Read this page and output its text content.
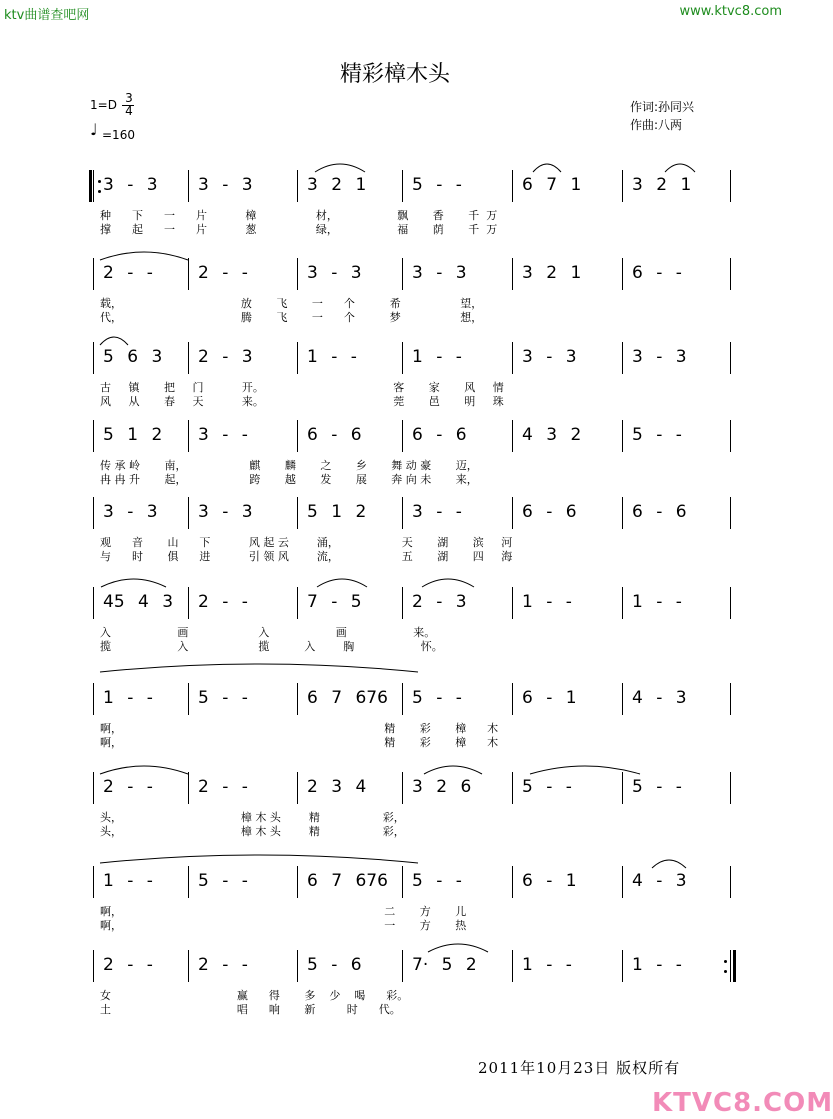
ktv曲谱查吧网	www.ktvc8.com
精彩樟木头
1=D 3
4
♩ =160
作词:孙同兴
作曲:八两
3 - 3	3 - 3	3 2 1	5 - -	6 7 1	3 2 1
种      下      一      片           樟                 材，                 飘       香       千  万
撑      起      一      片           葱                 绿，                 福       荫       千  万
2 - -	2 - -	3 - 3	3 - 3	3 2 1	6 - -
载，                                  放       飞       一      个          希                 望，
代，                                  腾       飞       一      个          梦                 想，
5 6 3	2 - 3	1 - -	1 - -	3 - 3	3 - 3
古     镇       把     门           开。                                     客       家       风     情
风     从       春     天           来。                                     莞       邑       明     珠
5 1 2	3 - -	6 - 6	6 - 6	4 3 2	5 - -
传 承 岭       南，                  麒       麟       之       乡       舞 动 豪       迈，
冉 冉 升       起，                  跨       越       发       展       奔 向 未       来，
3 - 3	3 - 3	5 1 2	3 - -	6 - 6	6 - 6
观      音       山      下           风 起 云        涌，                  天       湖       滨     河
与      时       俱      进           引 领 风        流，                  五       湖       四     海
45 4 3	2 - -	7 - 5	2 - 3	1 - -	1 - -
入                   画                    入                   画                   来。
揽                   入                    揽          入        胸                   怀。
1 - -	5 - -	6 7 676	5 - -	6 - 1	4 - 3
啊，                                                                           精       彩       樟      木
啊，                                                                           精       彩       樟      木
2 - -	2 - -	2 3 4	3 2 6	5 - -	5 - -
头，                                  樟 木 头        精                  彩，
头，                                  樟 木 头        精                  彩，
1 - -	5 - -	6 7 676	5 - -	6 - 1	4 - 3
啊，                                                                           二       方       儿
啊，                                                                           一       方       热
2 - -	2 - -	5 - 6	7· 5 2	1 - -	1 - -
女                                    赢      得       多    少    喝      彩。
土                                    唱      响       新         时      代。
2011年10月23日 版权所有
KTVC8.COM
